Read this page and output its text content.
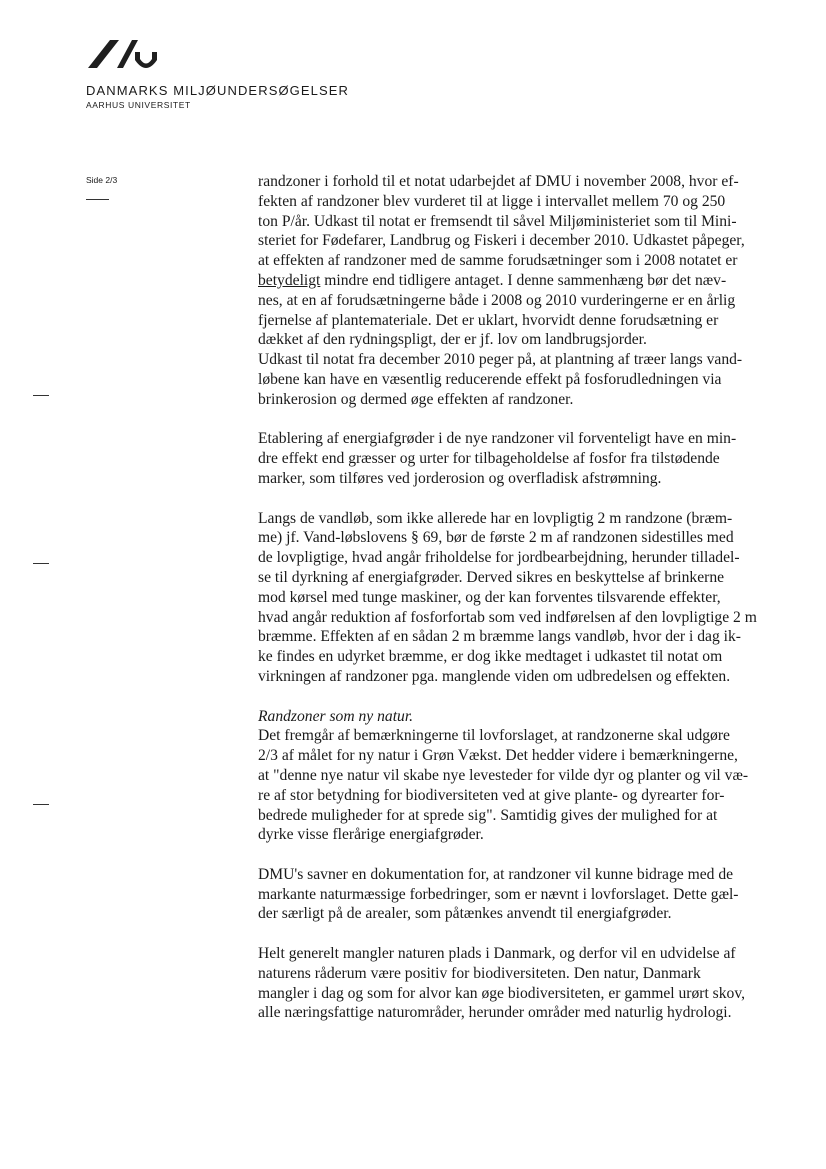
DANMARKS MILJØUNDERSØGELSER
AARHUS UNIVERSITET
Side 2/3	randzoner i forhold til et notat udarbejdet af DMU i november 2008, hvor ef-
fekten af randzoner blev vurderet til at ligge i intervallet mellem 70 og 250
ton P/år. Udkast til notat er fremsendt til såvel Miljøministeriet som til Mini-
steriet for Fødefarer, Landbrug og Fiskeri i december 2010. Udkastet påpeger,
at effekten af randzoner med de samme forudsætninger som i 2008 notatet er
betydeligt mindre end tidligere antaget. I denne sammenhæng bør det næv-
nes, at en af forudsætningerne både i 2008 og 2010 vurderingerne er en årlig
fjernelse af plantemateriale. Det er uklart, hvorvidt denne forudsætning er
dækket af den rydningspligt, der er jf. lov om landbrugsjorder.
Udkast til notat fra december 2010 peger på, at plantning af træer langs vand-
løbene kan have en væsentlig reducerende effekt på fosforudledningen via
brinkerosion og dermed øge effekten af randzoner.
Etablering af energiafgrøder i de nye randzoner vil forventeligt have en min-
dre effekt end græsser og urter for tilbageholdelse af fosfor fra tilstødende
marker, som tilføres ved jorderosion og overfladisk afstrømning.
Langs de vandløb, som ikke allerede har en lovpligtig 2 m randzone (bræm-
me) jf. Vand-løbslovens § 69, bør de første 2 m af randzonen sidestilles med
de lovpligtige, hvad angår friholdelse for jordbearbejdning, herunder tilladel-
se til dyrkning af energiafgrøder. Derved sikres en beskyttelse af brinkerne
mod kørsel med tunge maskiner, og der kan forventes tilsvarende effekter,
hvad angår reduktion af fosforfortab som ved indførelsen af den lovpligtige 2 m
bræmme. Effekten af en sådan 2 m bræmme langs vandløb, hvor der i dag ik-
ke findes en udyrket bræmme, er dog ikke medtaget i udkastet til notat om
virkningen af randzoner pga. manglende viden om udbredelsen og effekten.
Randzoner som ny natur.
Det fremgår af bemærkningerne til lovforslaget, at randzonerne skal udgøre
2/3 af målet for ny natur i Grøn Vækst. Det hedder videre i bemærkningerne,
at "denne nye natur vil skabe nye levesteder for vilde dyr og planter og vil væ-
re af stor betydning for biodiversiteten ved at give plante- og dyrearter for-
bedrede muligheder for at sprede sig". Samtidig gives der mulighed for at
dyrke visse flerårige energiafgrøder.
DMU's savner en dokumentation for, at randzoner vil kunne bidrage med de
markante naturmæssige forbedringer, som er nævnt i lovforslaget. Dette gæl-
der særligt på de arealer, som påtænkes anvendt til energiafgrøder.
Helt generelt mangler naturen plads i Danmark, og derfor vil en udvidelse af
naturens råderum være positiv for biodiversiteten. Den natur, Danmark
mangler i dag og som for alvor kan øge biodiversiteten, er gammel urørt skov,
alle næringsfattige naturområder, herunder områder med naturlig hydrologi.
